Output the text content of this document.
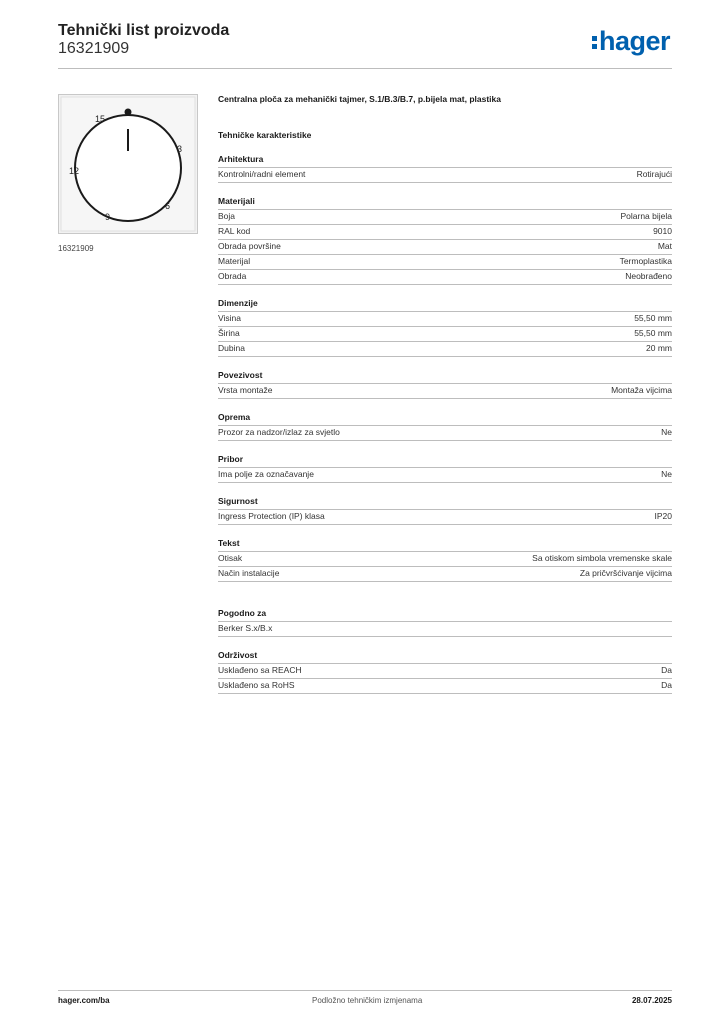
Tehnički list proizvoda
16321909	hager
15
3
12
6
9
16321909
Centralna ploča za mehanički tajmer, S.1/B.3/B.7, p.bijela mat, plastika
Tehničke karakteristike
Arhitektura
Kontrolni/radni element	Rotirajući
Materijali
Boja	Polarna bijela
RAL kod	9010
Obrada površine	Mat
Materijal	Termoplastika
Obrada	Neobrađeno
Dimenzije
Visina	55,50 mm
Širina	55,50 mm
Dubina	20 mm
Povezivost
Vrsta montaže	Montaža vijcima
Oprema
Prozor za nadzor/izlaz za svjetlo	Ne
Pribor
Ima polje za označavanje	Ne
Sigurnost
Ingress Protection (IP) klasa	IP20
Tekst
Otisak	Sa otiskom simbola vremenske skale
Način instalacije	Za pričvršćivanje vijcima
Pogodno za
Berker S.x/B.x
Održivost
Usklađeno sa REACH	Da
Usklađeno sa RoHS	Da
hager.com/ba	Podložno tehničkim izmjenama	28.07.2025
